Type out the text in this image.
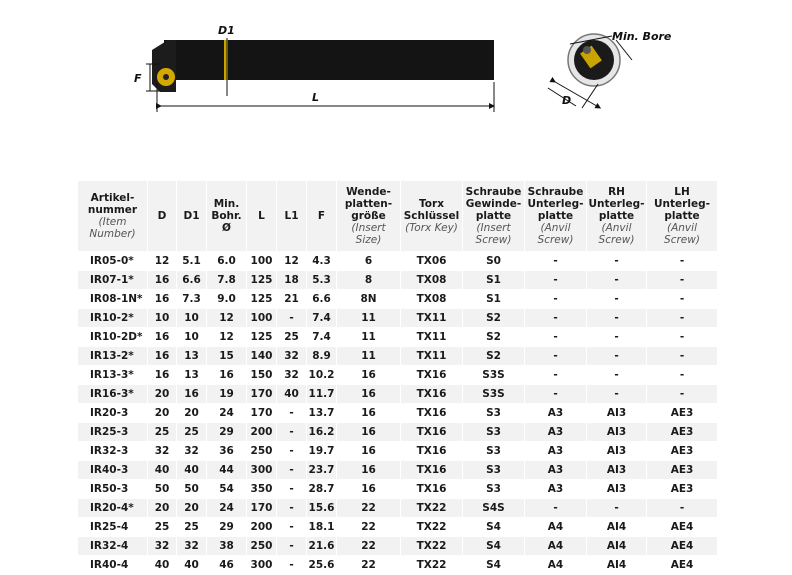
D1
F
L
Min. Bore
D
Artikel-
nummer
(Item
Number)	D	D1	Min.
Bohr.
Ø	L	L1	F	Wende-
platten-
größe
(Insert
Size)	Torx
Schlüssel
(Torx Key)	Schraube
Gewinde-
platte
(Insert
Screw)	Schraube
Unterleg-
platte
(Anvil
Screw)	RH
Unterleg-
platte
(Anvil
Screw)	LH
Unterleg-
platte
(Anvil
Screw)

IR05-0*	12	5.1	6.0	100	12	4.3	6	TX06	S0	-	-	-
IR07-1*	16	6.6	7.8	125	18	5.3	8	TX08	S1	-	-	-
IR08-1N*	16	7.3	9.0	125	21	6.6	8N	TX08	S1	-	-	-
IR10-2*	10	10	12	100	-	7.4	11	TX11	S2	-	-	-
IR10-2D*	16	10	12	125	25	7.4	11	TX11	S2	-	-	-
IR13-2*	16	13	15	140	32	8.9	11	TX11	S2	-	-	-
IR13-3*	16	13	16	150	32	10.2	16	TX16	S3S	-	-	-
IR16-3*	20	16	19	170	40	11.7	16	TX16	S3S	-	-	-
IR20-3	20	20	24	170	-	13.7	16	TX16	S3	A3	AI3	AE3
IR25-3	25	25	29	200	-	16.2	16	TX16	S3	A3	AI3	AE3
IR32-3	32	32	36	250	-	19.7	16	TX16	S3	A3	AI3	AE3
IR40-3	40	40	44	300	-	23.7	16	TX16	S3	A3	AI3	AE3
IR50-3	50	50	54	350	-	28.7	16	TX16	S3	A3	AI3	AE3
IR20-4*	20	20	24	170	-	15.6	22	TX22	S4S	-	-	-
IR25-4	25	25	29	200	-	18.1	22	TX22	S4	A4	AI4	AE4
IR32-4	32	32	38	250	-	21.6	22	TX22	S4	A4	AI4	AE4
IR40-4	40	40	46	300	-	25.6	22	TX22	S4	A4	AI4	AE4
